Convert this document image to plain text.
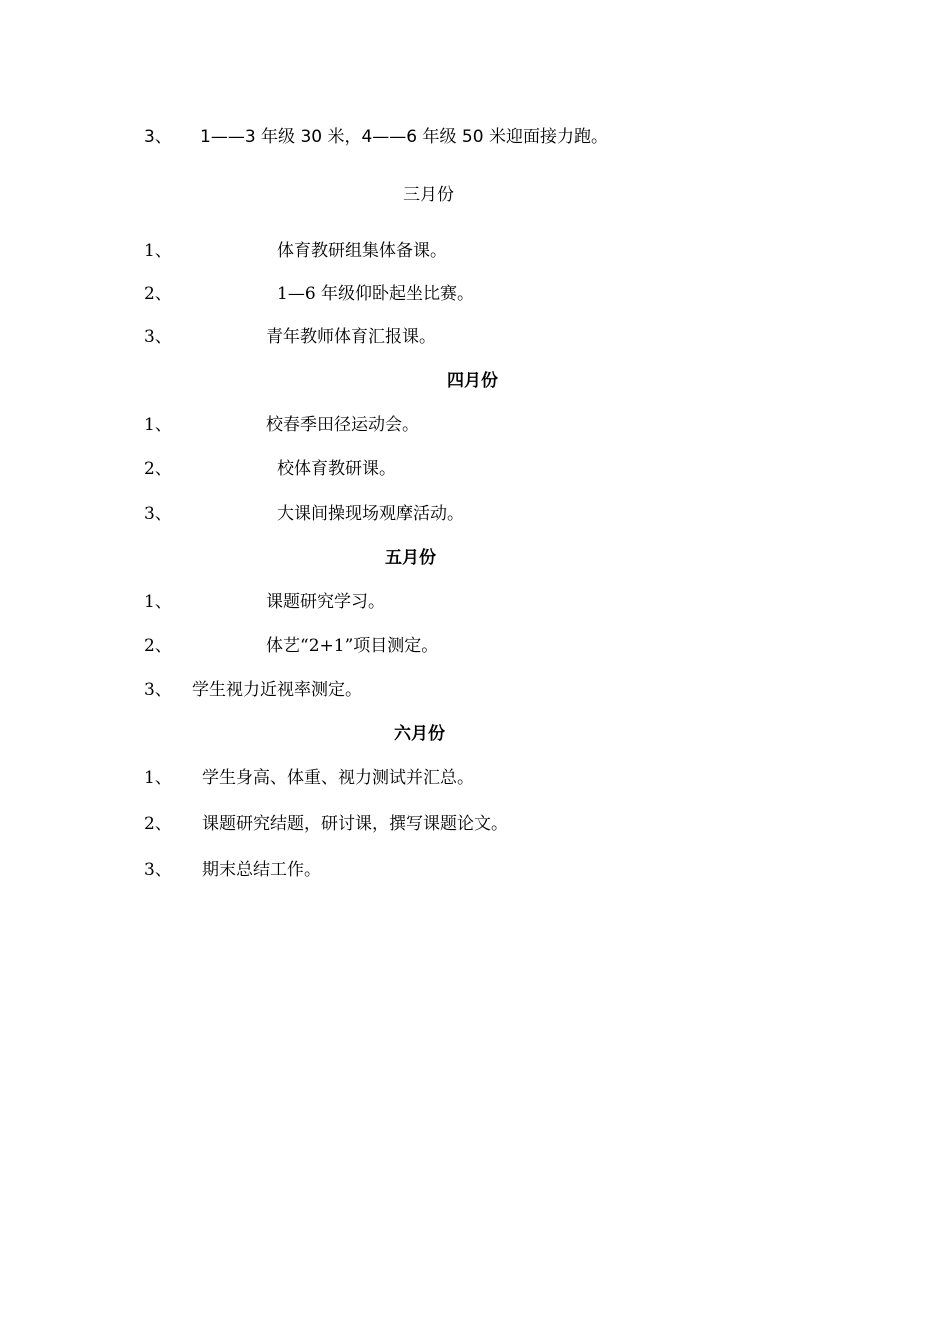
3、 1——3 年级 30 米，4——6 年级 50 米迎面接力跑。
三月份
1、	体育教研组集体备课。
2、	1—6 年级仰卧起坐比赛。
3、	青年教师体育汇报课。
四月份
1、	校春季田径运动会。
2、	校体育教研课。
3、	大课间操现场观摩活动。
五月份
1、	课题研究学习。
2、	体艺“2+1”项目测定。
3、 学生视力近视率测定。
六月份
1、 学生身高、体重、视力测试并汇总。
2、 课题研究结题，研讨课，撰写课题论文。
3、 期末总结工作。
